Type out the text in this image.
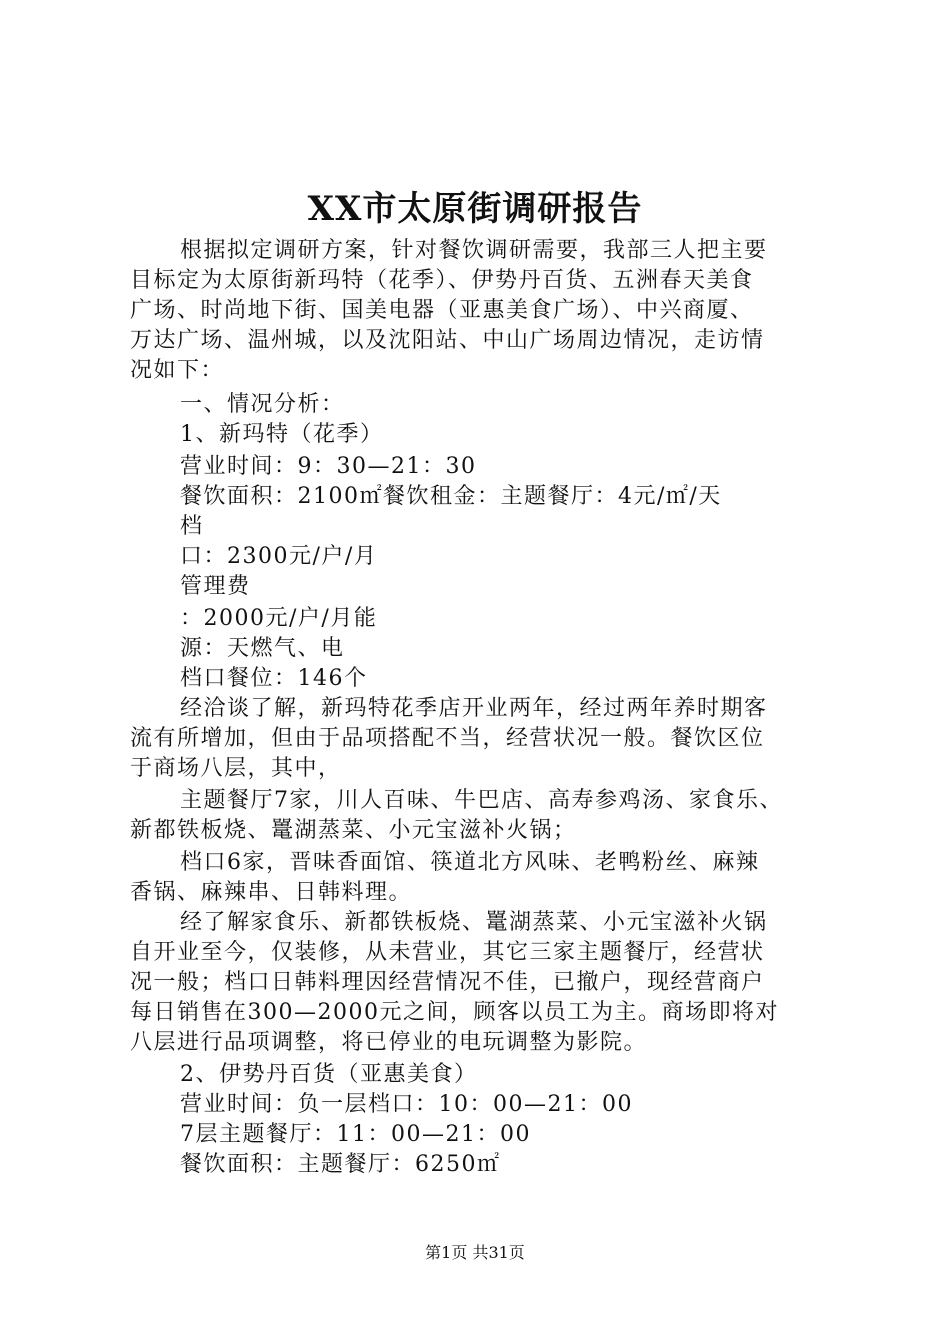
XX市太原街调研报告
根据拟定调研方案，针对餐饮调研需要，我部三人把主要
目标定为太原街新玛特（花季）、伊势丹百货、五洲春天美食
广场、时尚地下街、国美电器（亚惠美食广场）、中兴商厦、
万达广场、温州城，以及沈阳站、中山广场周边情况，走访情
况如下：
一、情况分析：
1、新玛特（花季）
营业时间：9：30—21：30
餐饮面积：2100㎡餐饮租金：主题餐厅：4元/㎡/天
档
口：2300元/户/月
管理费
：2000元/户/月能
源：天燃气、电
档口餐位：146个
经洽谈了解，新玛特花季店开业两年，经过两年养时期客
流有所增加，但由于品项搭配不当，经营状况一般。餐饮区位
于商场八层，其中，
主题餐厅7家，川人百味、牛巴店、高寿参鸡汤、家食乐、
新都铁板烧、鼍湖蒸菜、小元宝滋补火锅；
档口6家，晋味香面馆、筷道北方风味、老鸭粉丝、麻辣
香锅、麻辣串、日韩料理。
经了解家食乐、新都铁板烧、鼍湖蒸菜、小元宝滋补火锅
自开业至今，仅装修，从未营业，其它三家主题餐厅，经营状
况一般；档口日韩料理因经营情况不佳，已撤户，现经营商户
每日销售在300—2000元之间，顾客以员工为主。商场即将对
八层进行品项调整，将已停业的电玩调整为影院。
2、伊势丹百货（亚惠美食）
营业时间：负一层档口：10：00—21：00
7层主题餐厅：11：00—21：00
餐饮面积：主题餐厅：6250㎡
第1页 共31页
